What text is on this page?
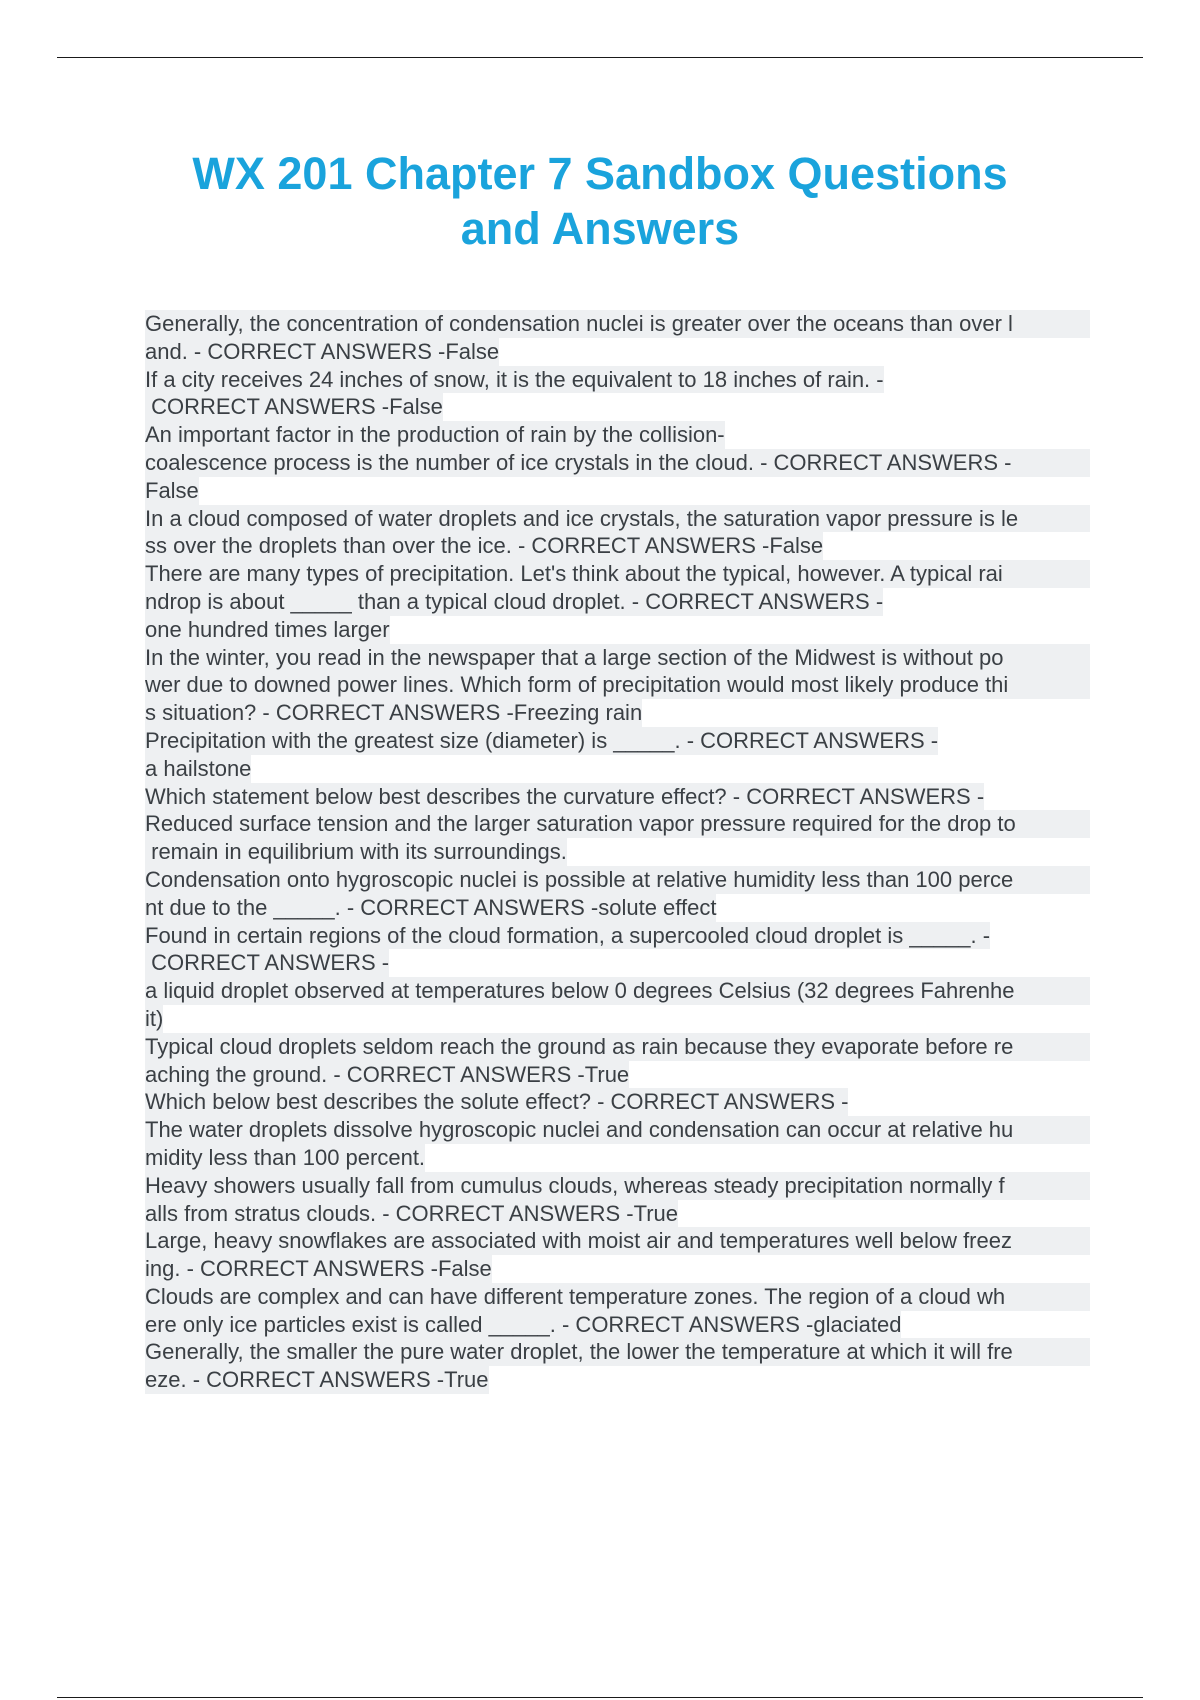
WX 201 Chapter 7 Sandbox Questions
and Answers
Generally, the concentration of condensation nuclei is greater over the oceans than over l
and. - CORRECT ANSWERS -False
If a city receives 24 inches of snow, it is the equivalent to 18 inches of rain. -
CORRECT ANSWERS -False
An important factor in the production of rain by the collision-
coalescence process is the number of ice crystals in the cloud. - CORRECT ANSWERS -
False
In a cloud composed of water droplets and ice crystals, the saturation vapor pressure is le
ss over the droplets than over the ice. - CORRECT ANSWERS -False
There are many types of precipitation. Let's think about the typical, however. A typical rai
ndrop is about _____ than a typical cloud droplet. - CORRECT ANSWERS -
one hundred times larger
In the winter, you read in the newspaper that a large section of the Midwest is without po
wer due to downed power lines. Which form of precipitation would most likely produce thi
s situation? - CORRECT ANSWERS -Freezing rain
Precipitation with the greatest size (diameter) is _____. - CORRECT ANSWERS -
a hailstone
Which statement below best describes the curvature effect? - CORRECT ANSWERS -
Reduced surface tension and the larger saturation vapor pressure required for the drop to
remain in equilibrium with its surroundings.
Condensation onto hygroscopic nuclei is possible at relative humidity less than 100 perce
nt due to the _____. - CORRECT ANSWERS -solute effect
Found in certain regions of the cloud formation, a supercooled cloud droplet is _____. -
CORRECT ANSWERS -
a liquid droplet observed at temperatures below 0 degrees Celsius (32 degrees Fahrenhe
it)
Typical cloud droplets seldom reach the ground as rain because they evaporate before re
aching the ground. - CORRECT ANSWERS -True
Which below best describes the solute effect? - CORRECT ANSWERS -
The water droplets dissolve hygroscopic nuclei and condensation can occur at relative hu
midity less than 100 percent.
Heavy showers usually fall from cumulus clouds, whereas steady precipitation normally f
alls from stratus clouds. - CORRECT ANSWERS -True
Large, heavy snowflakes are associated with moist air and temperatures well below freez
ing. - CORRECT ANSWERS -False
Clouds are complex and can have different temperature zones. The region of a cloud wh
ere only ice particles exist is called _____. - CORRECT ANSWERS -glaciated
Generally, the smaller the pure water droplet, the lower the temperature at which it will fre
eze. - CORRECT ANSWERS -True
